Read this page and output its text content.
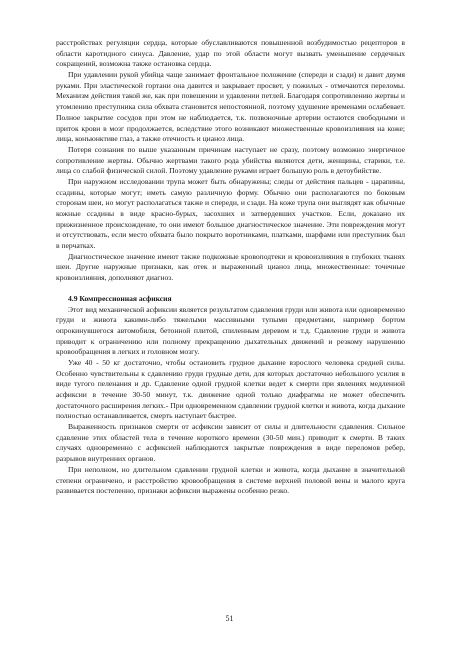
расстройствах регуляции сердца, которые обуславливаются повышенной возбудимостью рецепторов в области каротидного синуса. Давление, удар по этой области могут вызвать уменьшение сердечных сокращений, возможна также остановка сердца.

При удавлении рукой убийца чаще занимает фронтальное положение (спереди и сзади) и давит двумя руками. При эластической гортани она давится и закрывает просвет, у пожилых - отмечаются переломы. Механизм действия такой же, как при повешении и удавлении петлей. Благодаря сопротивлению жертвы и утомлению преступника сила обхвата становится непостоянной, поэтому удушение временами ослабевает. Полное закрытие сосудов при этом не наблюдается, т.к. позвоночные артерии остаются свободными и приток крови в мозг продолжается, вследствие этого возникают множественные кровоизлияния на коже; лица, конъюнктиве глаз, а также отечность и цианоз лица.

Потеря сознания по выше указанным причинам наступает не сразу, поэтому возможно энергичное сопротивление жертвы. Обычно жертвами такого рода убийства являются дети, женщины, старики, т.е. лица со слабой физической силой. Поэтому удавление руками играет большую роль в детоубийстве.

При наружном исследовании трупа может быть обнаружены; следы от действия пальцев - царапины, ссадины, которые могут; иметь самую различную форму. Обычно они располагаются по боковым сторонам шеи, но могут располагаться также и спереди, и сзади. На коже трупа они выглядят как обычные кожные ссадины в виде красно-бурых, засохших и затвердевших участков. Если, доказано их прижизненное происхождение, то они имеют большое диагностическое значение. Эти повреждения могут и отсутствовать, если место обхвата было покрыто воротниками, платками, шарфами или преступник был в перчатках.

Диагностическое значение имеют также подкожные кровоподтеки и кровоизлияния в глубоких тканях шеи. Другие наружные признаки, как отек и выраженный цианоз лица, множественные: точечные кровоизлияния, дополняют диагноз.

4.9 Компрессионная асфиксия

Этот вид механической асфиксии является результатом сдавления груди или живота или одновременно груди и живота какими-либо тяжелыми массивными тупыми предметами, например бортом опрокинувшегося автомобиля, бетонной плитой, спиленным деревом и т.д. Сдавление груди и живота приводит к ограничению или полному прекращению дыхательных движений и резкому нарушению кровообращения в легких и головном мозгу.

Уже 40 - 50 кг достаточно, чтобы остановить грудное дыхание взрослого человека средней силы. Особенно чувствительны к сдавлению груди грудные дети, для которых достаточно небольшого усилия в виде тугого пеленания и др. Сдавление одной грудной клетки ведет к смерти при явлениях медленной асфиксии в течение 30-50 минут, т.к. движение одной только диафрагмы не может обеспечить достаточного расширения легких.- При одновременном сдавлении грудной клетки и живота, когда дыхание полностью останавливается, смерть наступает быстрее.

Выраженность признаков смерти от асфиксии зависит от силы и длительности сдавления. Сильное сдавление этих областей тела в течение короткого времени (30-50 мин.) приводит к смерти. В таких случаях одновременно с асфиксией наблюдаются закрытые повреждения в виде переломов ребер, разрывов внутренних органов.

При неполном, но длительном сдавлении грудной клетки и живота, когда дыхание в значительной степени ограничено, и расстройство кровообращения в системе верхней половой вены и малого круга развивается постепенно, признаки асфиксии выражены особенно резко.

51
